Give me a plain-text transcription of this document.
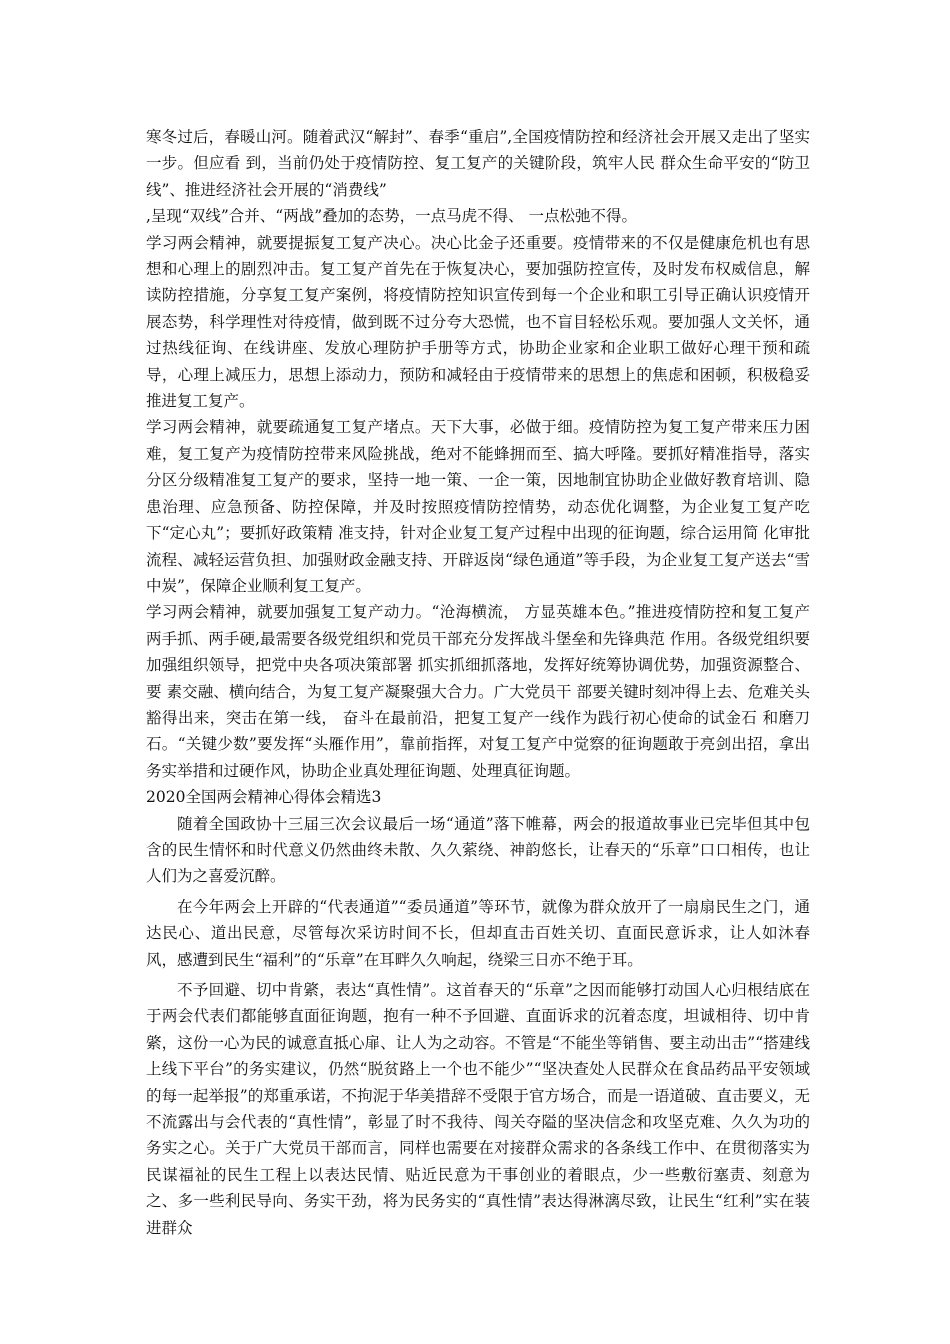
寒冬过后，春暖山河。随着武汉“解封”、春季“重启”,全国疫情防控和经济社会开展又走出了坚实一步。但应看 到，当前仍处于疫情防控、复工复产的关键阶段，筑牢人民 群众生命平安的“防卫线”、推进经济社会开展的“消费线”

,呈现“双线”合并、“两战”叠加的态势，一点马虎不得、 一点松弛不得。

学习两会精神，就要提振复工复产决心。决心比金子还重要。疫情带来的不仅是健康危机也有思想和心理上的剧烈冲击。复工复产首先在于恢复决心，要加强防控宣传，及时发布权威信息，解读防控措施，分享复工复产案例，将疫情防控知识宣传到每一个企业和职工引导正确认识疫情开展态势，科学理性对待疫情，做到既不过分夸大恐慌，也不盲目轻松乐观。要加强人文关怀，通过热线征询、在线讲座、发放心理防护手册等方式，协助企业家和企业职工做好心理干预和疏导，心理上减压力，思想上添动力，预防和减轻由于疫情带来的思想上的焦虑和困顿，积极稳妥推进复工复产。

学习两会精神，就要疏通复工复产堵点。天下大事，必做于细。疫情防控为复工复产带来压力困难，复工复产为疫情防控带来风险挑战，绝对不能蜂拥而至、搞大呼隆。要抓好精准指导，落实分区分级精准复工复产的要求，坚持一地一策、一企一策，因地制宜协助企业做好教育培训、隐患治理、应急预备、防控保障，并及时按照疫情防控情势，动态优化调整，为企业复工复产吃下“定心丸”；要抓好政策精 准支持，针对企业复工复产过程中出现的征询题，综合运用简 化审批流程、减轻运营负担、加强财政金融支持、开辟返岗“绿色通道”等手段，为企业复工复产送去“雪中炭”，保障企业顺利复工复产。

学习两会精神，就要加强复工复产动力。“沧海横流， 方显英雄本色。”推进疫情防控和复工复产两手抓、两手硬,最需要各级党组织和党员干部充分发挥战斗堡垒和先锋典范 作用。各级党组织要加强组织领导，把党中央各项决策部署 抓实抓细抓落地，发挥好统筹协调优势，加强资源整合、要 素交融、横向结合，为复工复产凝聚强大合力。广大党员干 部要关键时刻冲得上去、危难关头豁得出来，突击在第一线， 奋斗在最前沿，把复工复产一线作为践行初心使命的试金石 和磨刀石。“关键少数”要发挥“头雁作用”，靠前指挥，对复工复产中觉察的征询题敢于亮剑出招，拿出务实举措和过硬作风，协助企业真处理征询题、处理真征询题。

2020全国两会精神心得体会精选3

随着全国政协十三届三次会议最后一场“通道”落下帷幕，两会的报道故事业已完毕但其中包含的民生情怀和时代意义仍然曲终未散、久久萦绕、神韵悠长，让春天的“乐章”口口相传，也让人们为之喜爱沉醉。

在今年两会上开辟的“代表通道”“委员通道”等环节，就像为群众放开了一扇扇民生之门，通达民心、道出民意，尽管每次采访时间不长，但却直击百姓关切、直面民意诉求，让人如沐春风，感遭到民生“福利”的“乐章”在耳畔久久响起，绕梁三日亦不绝于耳。

不予回避、切中肯綮，表达“真性情”。这首春天的“乐章”之因而能够打动国人心归根结底在于两会代表们都能够直面征询题，抱有一种不予回避、直面诉求的沉着态度，坦诚相待、切中肯綮，这份一心为民的诚意直抵心扉、让人为之动容。不管是“不能坐等销售、要主动出击”“搭建线上线下平台”的务实建议，仍然“脱贫路上一个也不能少”“坚决查处人民群众在食品药品平安领域的每一起举报”的郑重承诺，不拘泥于华美措辞不受限于官方场合，而是一语道破、直击要义，无不流露出与会代表的“真性情”，彰显了时不我待、闯关夺隘的坚决信念和攻坚克难、久久为功的务实之心。关于广大党员干部而言，同样也需要在对接群众需求的各条线工作中、在贯彻落实为民谋福祉的民生工程上以表达民情、贴近民意为干事创业的着眼点，少一些敷衍塞责、刻意为之、多一些利民导向、务实干劲，将为民务实的“真性情”表达得淋漓尽致，让民生“红利”实在装进群众
